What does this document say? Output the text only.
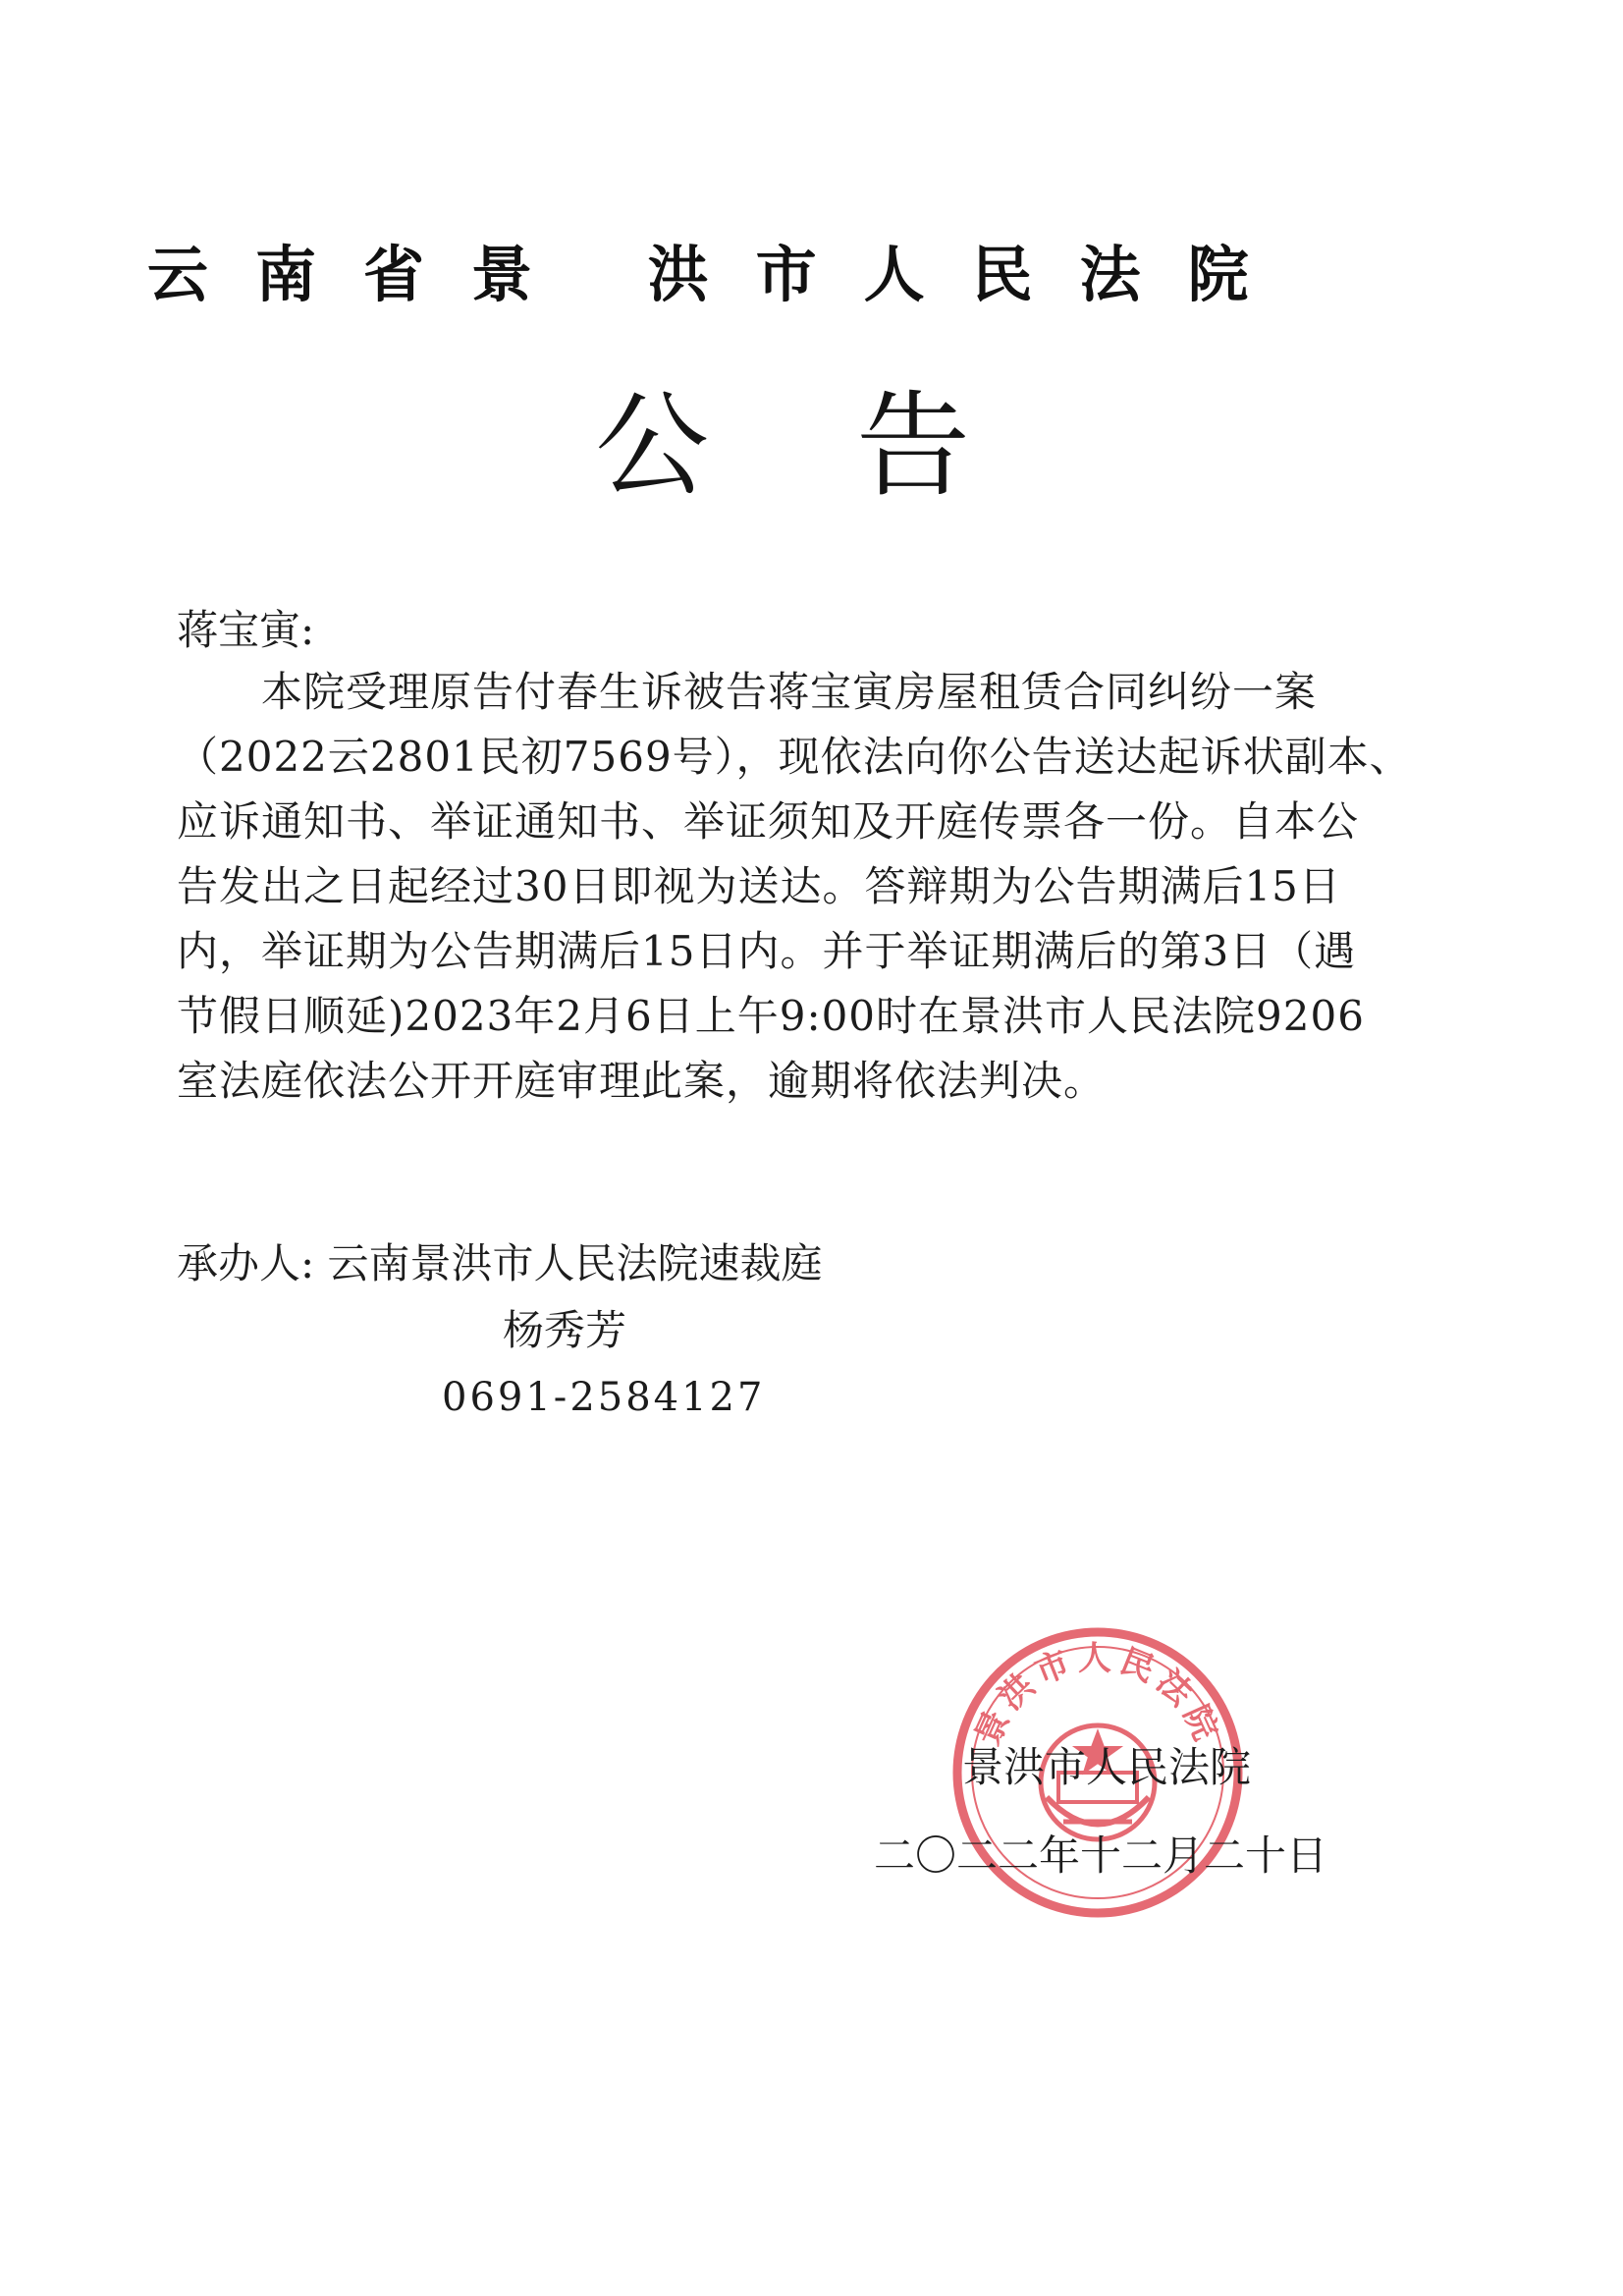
云南省景 洪市人民法院
公告
蒋宝寅:
本院受理原告付春生诉被告蒋宝寅房屋租赁合同纠纷一案
（2022云2801民初7569号），现依法向你公告送达起诉状副本、
应诉通知书、举证通知书、举证须知及开庭传票各一份。自本公
告发出之日起经过30日即视为送达。答辩期为公告期满后15日
内，举证期为公告期满后15日内。并于举证期满后的第3日（遇
节假日顺延)2023年2月6日上午9:00时在景洪市人民法院9206
室法庭依法公开开庭审理此案，逾期将依法判决。
承办人: 云南景洪市人民法院速裁庭
杨秀芳
0691-2584127
景洪市人民法院
景洪市人民法院
二〇二二年十二月二十日
